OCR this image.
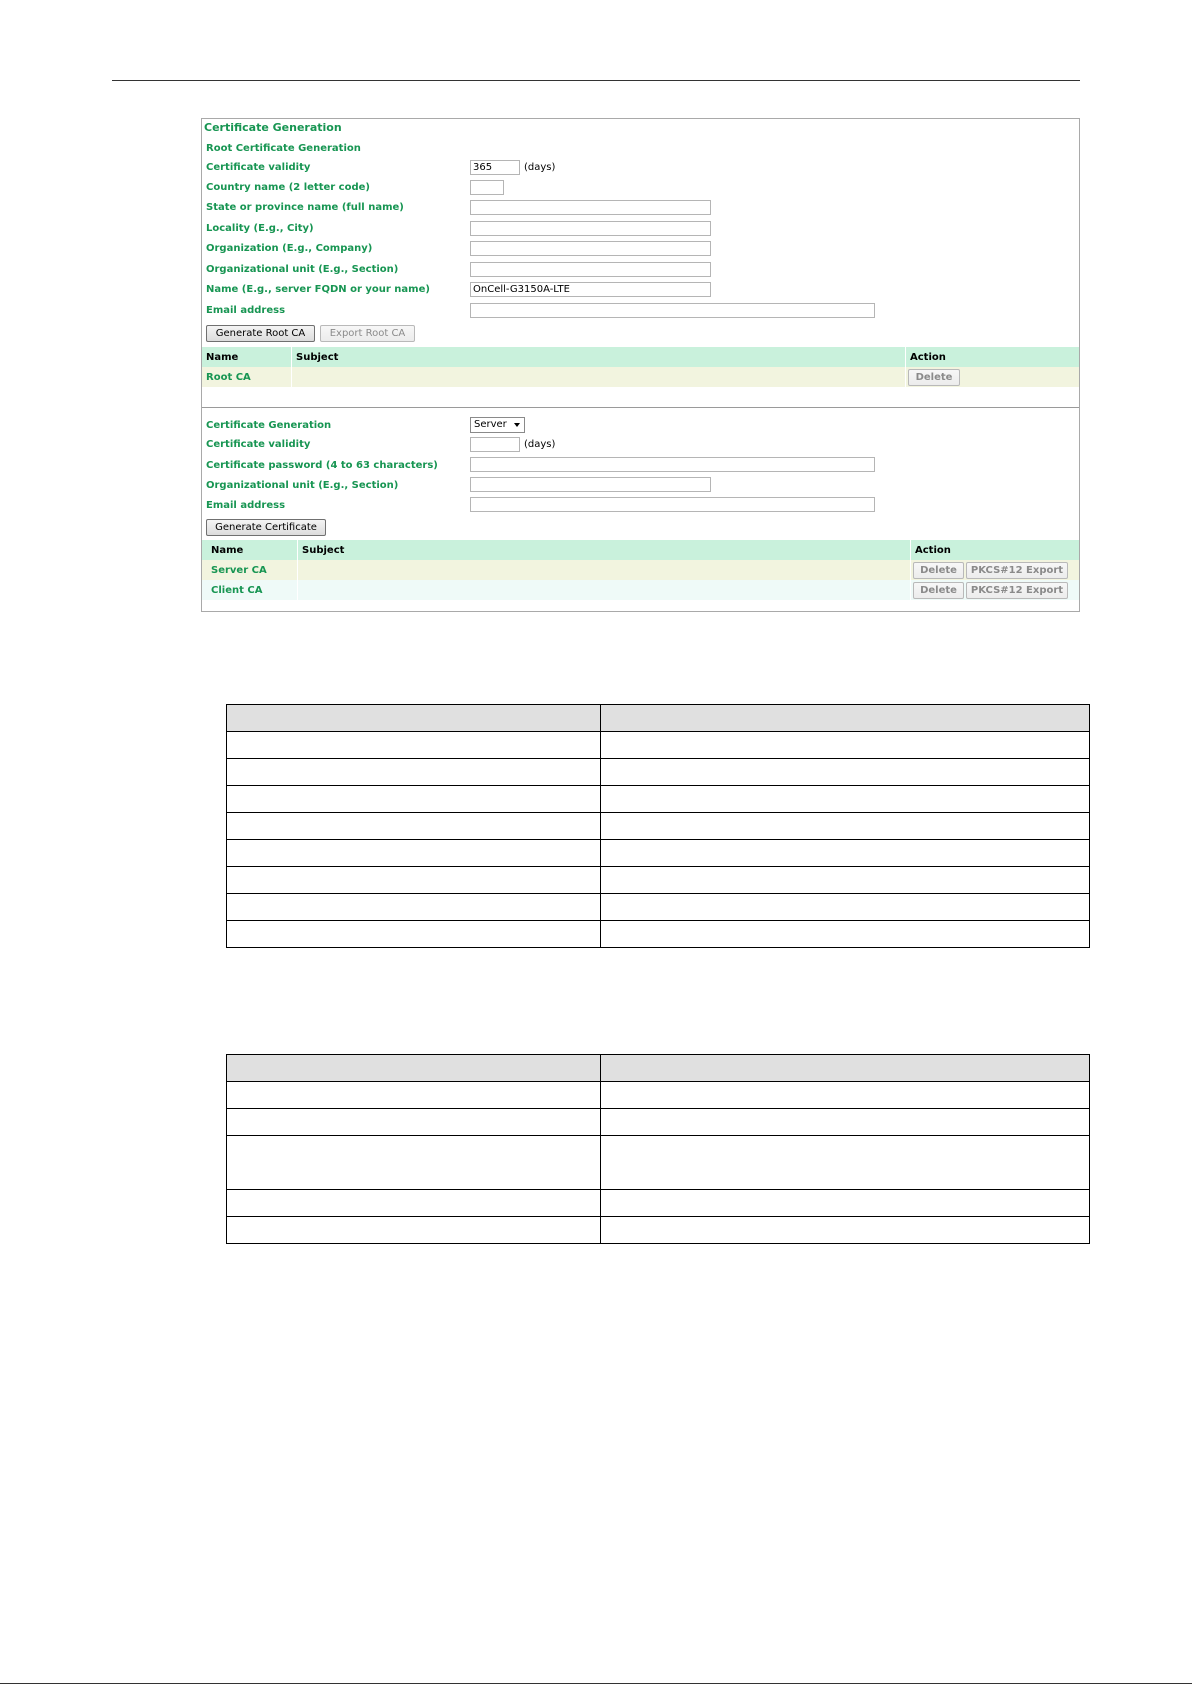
Certificate Generation
Root Certificate Generation
Certificate validity	365	(days)
Country name (2 letter code)
State or province name (full name)
Locality (E.g., City)
Organization (E.g., Company)
Organizational unit (E.g., Section)
Name (E.g., server FQDN or your name)	OnCell-G3150A-LTE
Email address
Generate Root CA	Export Root CA
Name	Subject	Action
Root CA		Delete
Certificate Generation	Server
Certificate validity	(days)
Certificate password (4 to 63 characters)
Organizational unit (E.g., Section)
Email address
Generate Certificate
Name	Subject	Action
Server CA		Delete PKCS#12 Export

Client CA		Delete PKCS#12 Export
